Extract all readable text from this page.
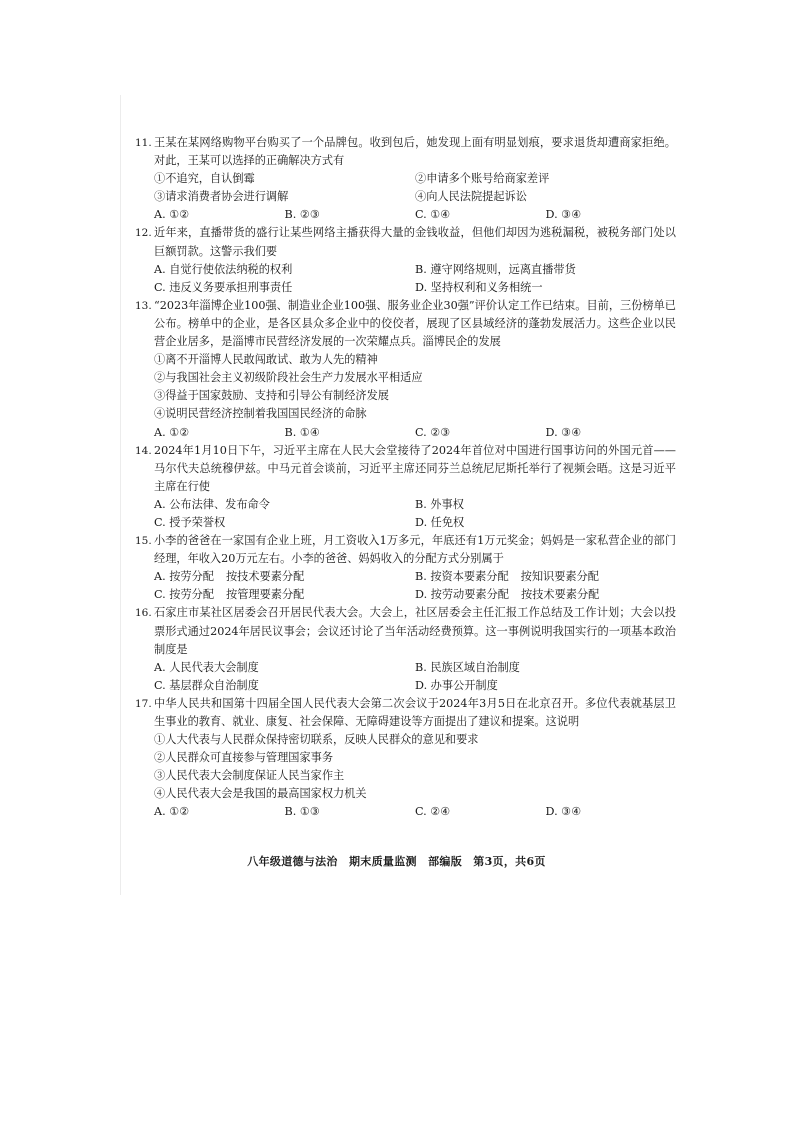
11. 王某在某网络购物平台购买了一个品牌包。收到包后，她发现上面有明显划痕，要求退货却遭商家拒绝。对此，王某可以选择的正确解决方式有
①不追究，自认倒霉	②申请多个账号给商家差评
③请求消费者协会进行调解	④向人民法院提起诉讼
A. ①②	B. ②③	C. ①④	D. ③④
12. 近年来，直播带货的盛行让某些网络主播获得大量的金钱收益，但他们却因为逃税漏税，被税务部门处以巨额罚款。这警示我们要
A. 自觉行使依法纳税的权利	B. 遵守网络规则，远离直播带货
C. 违反义务要承担刑事责任	D. 坚持权利和义务相统一
13. “2023年淄博企业100强、制造业企业100强、服务业企业30强”评价认定工作已结束。目前，三份榜单已公布。榜单中的企业，是各区县众多企业中的佼佼者，展现了区县域经济的蓬勃发展活力。这些企业以民营企业居多，是淄博市民营经济发展的一次荣耀点兵。淄博民企的发展
①离不开淄博人民敢闯敢试、敢为人先的精神
②与我国社会主义初级阶段社会生产力发展水平相适应
③得益于国家鼓励、支持和引导公有制经济发展
④说明民营经济控制着我国国民经济的命脉
A. ①②	B. ①④	C. ②③	D. ③④
14. 2024年1月10日下午，习近平主席在人民大会堂接待了2024年首位对中国进行国事访问的外国元首——马尔代夫总统穆伊兹。中马元首会谈前，习近平主席还同芬兰总统尼尼斯托举行了视频会晤。这是习近平主席在行使
A. 公布法律、发布命令	B. 外事权
C. 授予荣誉权	D. 任免权
15. 小李的爸爸在一家国有企业上班，月工资收入1万多元，年底还有1万元奖金；妈妈是一家私营企业的部门经理，年收入20万元左右。小李的爸爸、妈妈收入的分配方式分别属于
A. 按劳分配 按技术要素分配	B. 按资本要素分配 按知识要素分配
C. 按劳分配 按管理要素分配	D. 按劳动要素分配 按技术要素分配
16. 石家庄市某社区居委会召开居民代表大会。大会上，社区居委会主任汇报工作总结及工作计划；大会以投票形式通过2024年居民议事会；会议还讨论了当年活动经费预算。这一事例说明我国实行的一项基本政治制度是
A. 人民代表大会制度	B. 民族区域自治制度
C. 基层群众自治制度	D. 办事公开制度
17. 中华人民共和国第十四届全国人民代表大会第二次会议于2024年3月5日在北京召开。多位代表就基层卫生事业的教育、就业、康复、社会保障、无障碍建设等方面提出了建议和提案。这说明
①人大代表与人民群众保持密切联系，反映人民群众的意见和要求
②人民群众可直接参与管理国家事务
③人民代表大会制度保证人民当家作主
④人民代表大会是我国的最高国家权力机关
A. ①②	B. ①③	C. ②④	D. ③④
八年级道德与法治　期末质量监测　部编版　第3页，共6页
